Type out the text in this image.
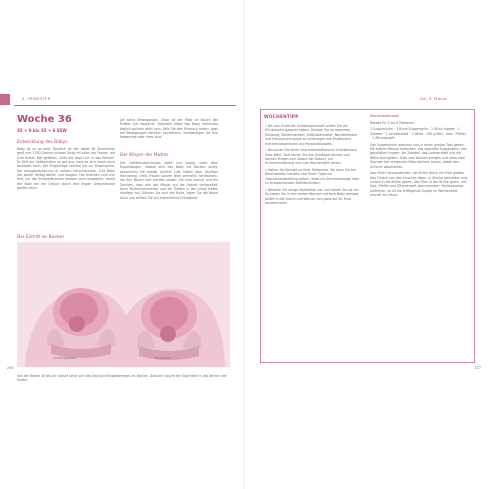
3. TRIMESTER
Woche 36
35 + 0 bis 35 + 6 SSW
Entwicklung des Babys

Baby ist es so weit. Deutlich ist der dabei 46 Zentimeter groß und 2700 Gramm schwer. Baby im allein bei Frauen, die zum ersten Mal gebären, sinkt der Kopf nun in das Becken. Es füllt die Gebärmutter so gut aus, dass es sich kaum noch bewegen kann. Die Fingernägel reichen bis zur Fingerspitze, die Lanugobehaarung ist nahezu verschwunden. Das Baby übt weiter fleißig Atmen und Saugen. Die Knochen sind nun fest, nur die Schädelknochen bleiben noch beweglich, damit der Kopf bei der Geburt durch den engen Geburtskanal gleiten kann.

Art seine Bewegungen. Zwar ist der Platz im Bauch der Mutter nun begrenzt, trotzdem sollte das Baby mehrmals täglich spürbar aktiv sein. Falls Sie den Eindruck haben, dass die Bewegungen deutlich nachlassen, verständigen Sie Ihre Hebamme oder Ihren Arzt.

Der Körper der Mutter

Der Gebärmutterfundus steht nun knapp unter dem Rippenbogen. Sobald sich das Baby ins Becken senkt, bekommen Sie wieder leichter Luft, haben aber häufiger Harndrang. Viele Frauen spüren jetzt vermehrt Senkwehen, die den Bauch hart werden lassen. Sie sind normal und ein Zeichen, dass sich der Körper auf die Geburt vorbereitet. Auch Rückenschmerzen und ein Ziehen in der Leiste treten häufiger auf. Gönnen Sie sich viel Ruhe, legen Sie die Beine hoch und achten Sie auf ausreichend Flüssigkeit.

Der Eintritt ins Becken
nicht Eingetreten	Eingetreten
Von der Woche 36 bis zur Geburt senkt sich das Kind bei Erstgebärenden ins Becken. Dadurch rutscht der Kopf tiefer in das Becken der Mutter.
256
Der 9. Monat
WOCHENTIPP

» Bis zum Ende der Schwangerschaft sollten Sie die Kliniktasche gepackt haben. Denken Sie an bequeme Kleidung, Toilettenartikel, Stillbüstenhalter, Nachthemden und Hausschuhe sowie an Unterlagen wie Mutterpass, Krankenkassenkarte und Personalausweis.

» Besuchen Sie einen Informationsabend im Krankenhaus Ihrer Wahl. Dort lernen Sie den Kreißsaal kennen und können Fragen zum Ablauf der Geburt, zur Schmerzlinderung und zum Wochenbett stellen.

» Halten Sie Kontakt zu Ihrer Hebamme. Sie kann Sie bei Beschwerden beraten und Ihnen Tipps zur Geburtsvorbereitung geben, etwa zur Dammmassage oder zu entspannenden Atemtechniken.

» Bereiten Sie einige Mahlzeiten vor und frieren Sie sie ein. So haben Sie in den ersten Wochen mit dem Baby weniger Arbeit in der Küche und können sich ganz auf Ihr Kind konzentrieren.

Wochenbettsuppe

Rezept für 4 bis 6 Portionen

1 Suppenhuhn · 1 Bund Suppengrün · 1 Stück Ingwer · 1 Zwiebel · 1 Lorbeerblatt · 1 Nelke · 200 g Reis · Salz · Pfeffer · 1 Zitronensaft

Das Suppenhuhn waschen und in einen großen Topf geben. Mit kaltem Wasser bedecken, das geputzte Suppengrün, den geschälten Ingwer, die Zwiebel, das Lorbeerblatt und die Nelke dazugeben. Alles zum Kochen bringen und etwa zwei Stunden bei schwacher Hitze köcheln lassen, dabei den Schaum abschöpfen.

Das Huhn herausnehmen, die Brühe durch ein Sieb gießen. Das Fleisch von den Knochen lösen, in Stücke schneiden und zurück in die Brühe geben. Den Reis in der Brühe garen, mit Salz, Pfeffer und Zitronensaft abschmecken. Portionsweise einfrieren, so ist die kräftigende Suppe im Wochenbett schnell zur Hand.

257
